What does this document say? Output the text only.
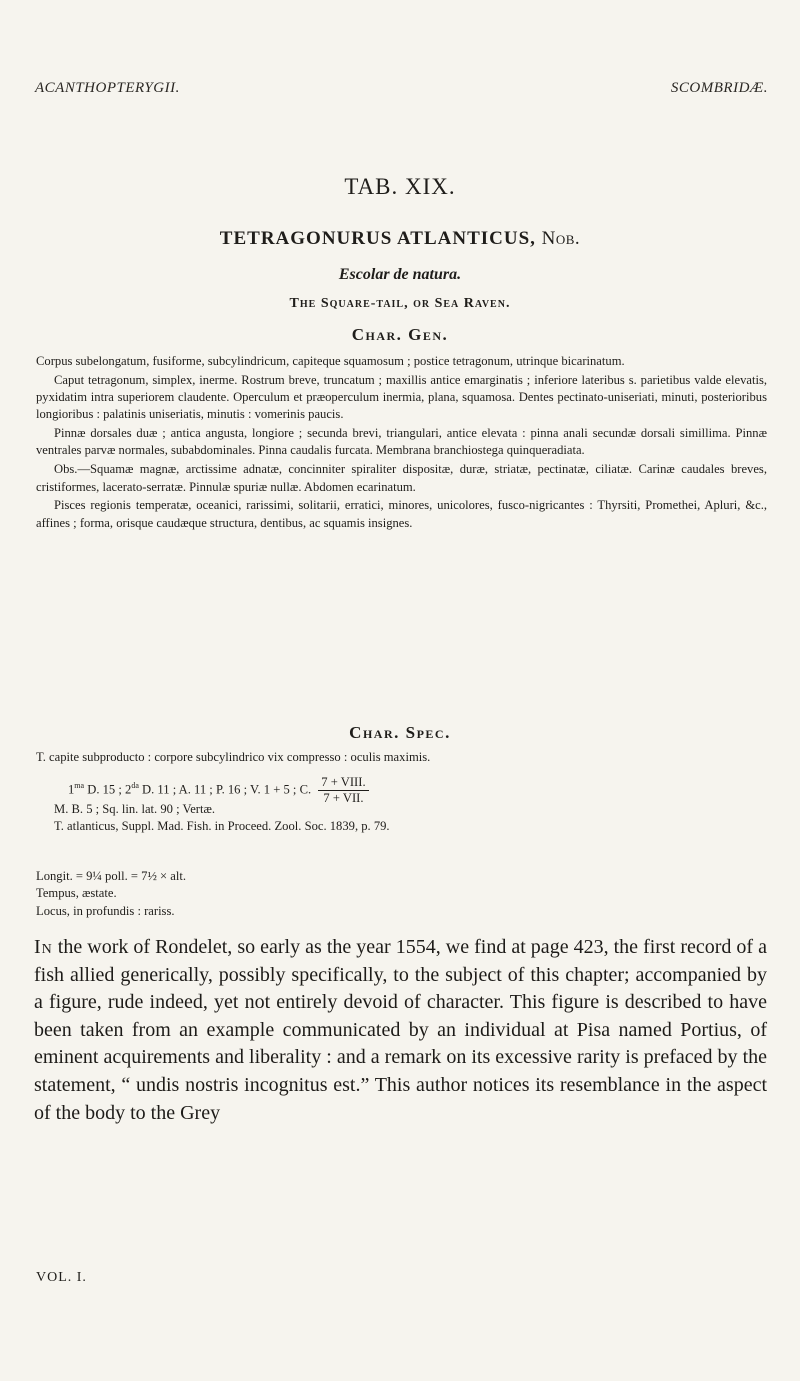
ACANTHOPTERYGII.	SCOMBRIDÆ.
TAB. XIX.
TETRAGONURUS ATLANTICUS, Nob.
Escolar de natura.
The Square-tail, or Sea Raven.
Char. Gen.

Corpus subelongatum, fusiforme, subcylindricum, capiteque squamosum ; postice tetragonum, utrinque bicarinatum.

Caput tetragonum, simplex, inerme. Rostrum breve, truncatum ; maxillis antice emarginatis ; inferiore lateribus s. parietibus valde elevatis, pyxidatim intra superiorem claudente. Operculum et præoperculum inermia, plana, squamosa. Dentes pectinato-uniseriati, minuti, posterioribus longioribus : palatinis uniseriatis, minutis : vomerinis paucis.

Pinnæ dorsales duæ ; antica angusta, longiore ; secunda brevi, triangulari, antice elevata : pinna anali secundæ dorsali simillima. Pinnæ ventrales parvæ normales, subabdominales. Pinna caudalis furcata. Membrana branchiostega quinqueradiata.

Obs.—Squamæ magnæ, arctissime adnatæ, concinniter spiraliter dispositæ, duræ, striatæ, pectinatæ, ciliatæ. Carinæ caudales breves, cristiformes, lacerato-serratæ. Pinnulæ spuriæ nullæ. Abdomen ecarinatum.

Pisces regionis temperatæ, oceanici, rarissimi, solitarii, erratici, minores, unicolores, fusco-nigricantes : Thyrsiti, Promethei, Apluri, &c., affines ; forma, orisque caudæque structura, dentibus, ac squamis insignes.

Char. Spec.
T. capite subproducto : corpore subcylindrico vix compresso : oculis maximis.
$1^{ma}$ D. 15 ; $2^{da}$ D. 11 ; A. 11 ; P. 16 ; V. 1 + 5 ; C. $\frac{\text{7 + VIII.}}{\text{7 + VII.}}$
M. B. 5 ; Sq. lin. lat. 90 ; Vertæ.
T. atlanticus, Suppl. Mad. Fish. in Proceed. Zool. Soc. 1839, p. 79.
Longit. = 9¼ poll. = 7½ × alt.
Tempus, æstate.
Locus, in profundis : rariss.
In the work of Rondelet, so early as the year 1554, we find at page 423, the first record of a fish allied generically, possibly specifically, to the subject of this chapter; accompanied by a figure, rude indeed, yet not entirely devoid of character. This figure is described to have been taken from an example communicated by an individual at Pisa named Portius, of eminent acquirements and liberality : and a remark on its excessive rarity is prefaced by the statement, “ undis nostris incognitus est.” This author notices its resemblance in the aspect of the body to the Grey
VOL. I.
